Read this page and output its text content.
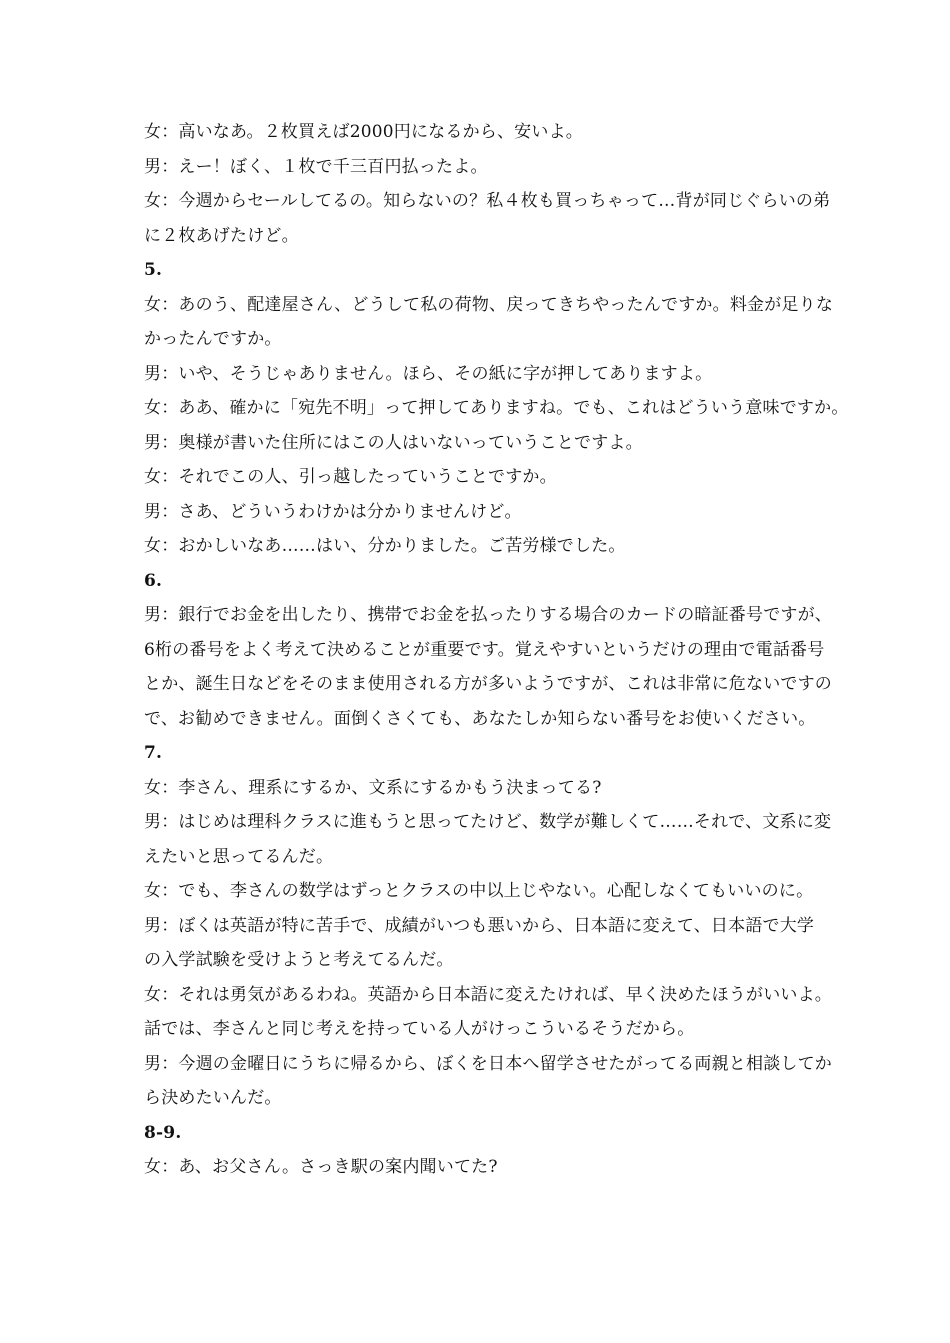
女：高いなあ。２枚買えば2000円になるから、安いよ。
男：えー！ぼく、１枚で千三百円払ったよ。
女：今週からセールしてるの。知らないの？私４枚も買っちゃって…背が同じぐらいの弟
に２枚あげたけど。
5.
女：あのう、配達屋さん、どうして私の荷物、戻ってきちやったんですか。料金が足りな
かったんですか。
男：いや、そうじゃありません。ほら、その紙に字が押してありますよ。
女：ああ、確かに「宛先不明」って押してありますね。でも、これはどういう意味ですか。
男：奥様が書いた住所にはこの人はいないっていうことですよ。
女：それでこの人、引っ越したっていうことですか。
男：さあ、どういうわけかは分かりませんけど。
女：おかしいなあ……はい、分かりました。ご苦労様でした。
6.
男：銀行でお金を出したり、携帯でお金を払ったりする場合のカードの暗証番号ですが、
6桁の番号をよく考えて決めることが重要です。覚えやすいというだけの理由で電話番号
とか、誕生日などをそのまま使用される方が多いようですが、これは非常に危ないですの
で、お勧めできません。面倒くさくても、あなたしか知らない番号をお使いください。
7.
女：李さん、理系にするか、文系にするかもう決まってる?
男：はじめは理科クラスに進もうと思ってたけど、数学が難しくて……それで、文系に変
えたいと思ってるんだ。
女：でも、李さんの数学はずっとクラスの中以上じやない。心配しなくてもいいのに。
男：ぼくは英語が特に苦手で、成績がいつも悪いから、日本語に変えて、日本語で大学
の入学試験を受けようと考えてるんだ。
女：それは勇気があるわね。英語から日本語に変えたければ、早く決めたほうがいいよ。
話では、李さんと同じ考えを持っている人がけっこういるそうだから。
男：今週の金曜日にうちに帰るから、ぼくを日本へ留学させたがってる両親と相談してか
ら決めたいんだ。
8-9.
女：あ、お父さん。さっき駅の案内聞いてた?
